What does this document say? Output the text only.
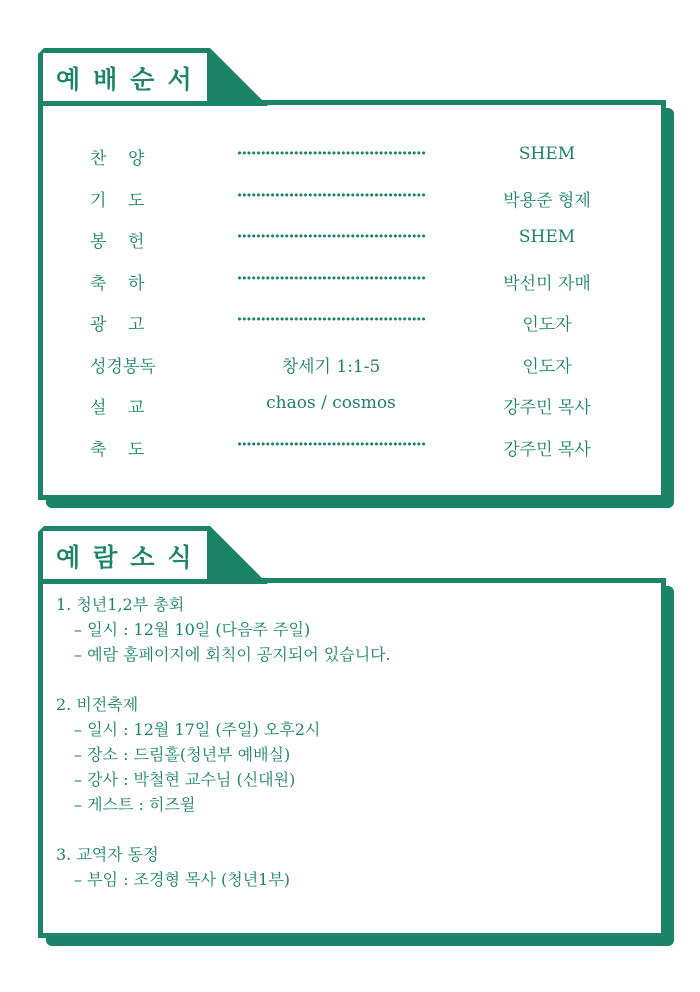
예배순서
찬    양	········································	SHEM
기    도	········································	박용준 형제
봉    헌	········································	SHEM
축    하	········································	박선미 자매
광    고	········································	인도자
성경봉독	창세기 1:1-5	인도자
설    교	chaos / cosmos	강주민 목사
축    도	········································	강주민 목사
예람소식
1. 청년1,2부 총회
– 일시 : 12월 10일 (다음주 주일)
– 예람 홈페이지에 회칙이 공지되어 있습니다.
2. 비전축제
– 일시 : 12월 17일 (주일) 오후2시
– 장소 : 드림홀(청년부 예배실)
– 강사 : 박철현 교수님 (신대원)
– 게스트 : 히즈윌
3. 교역자 동정
– 부임 : 조경형 목사 (청년1부)
